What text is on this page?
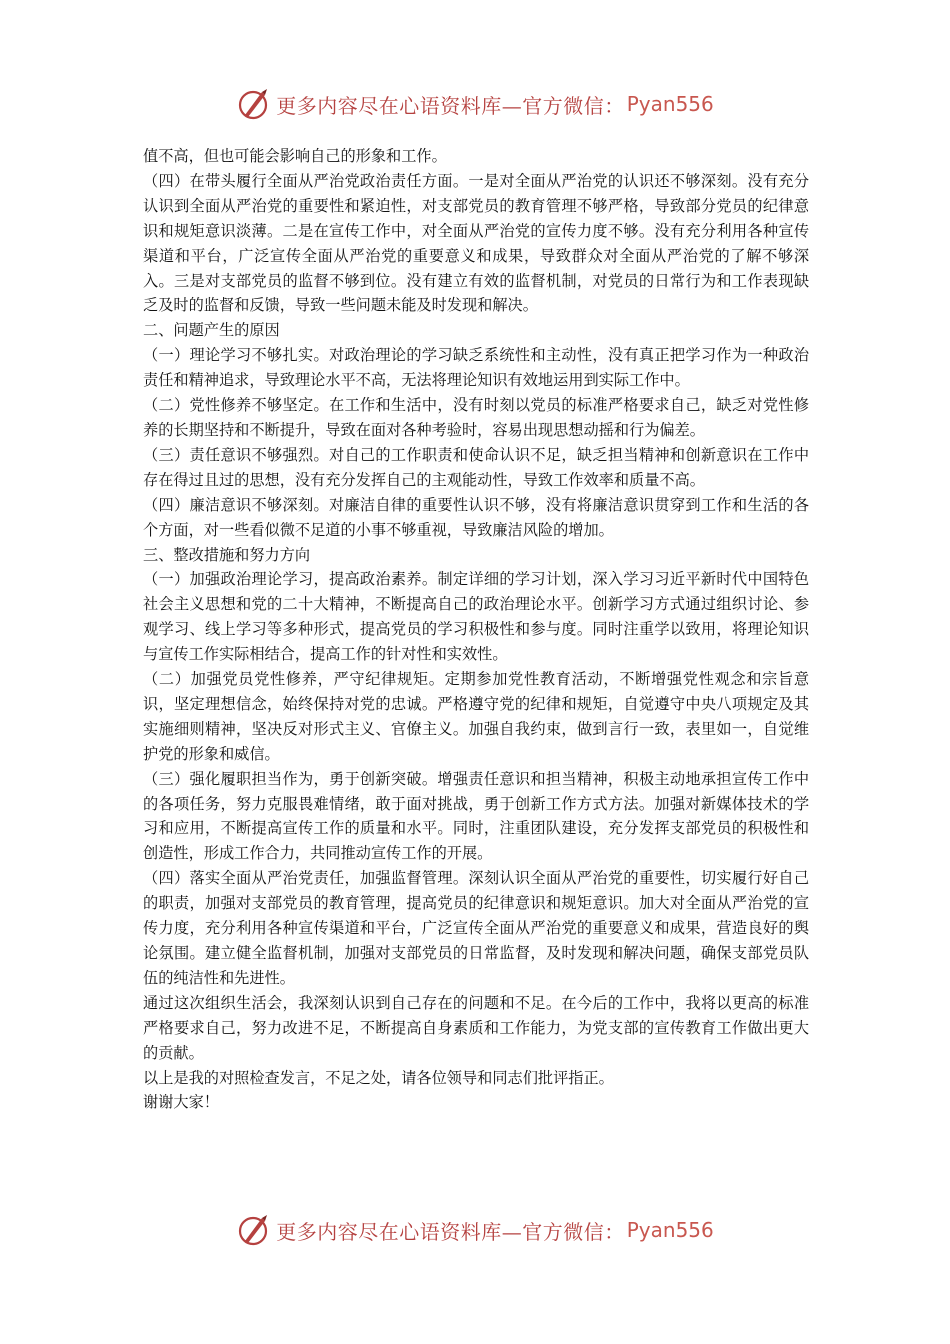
更多内容尽在心语资料库—官方微信： Pyan556

值不高，但也可能会影响自己的形象和工作。

（四）在带头履行全面从严治党政治责任方面。一是对全面从严治党的认识还不够深刻。没有充分认识到全面从严治党的重要性和紧迫性，对支部党员的教育管理不够严格，导致部分党员的纪律意识和规矩意识淡薄。二是在宣传工作中，对全面从严治党的宣传力度不够。没有充分利用各种宣传渠道和平台，广泛宣传全面从严治党的重要意义和成果，导致群众对全面从严治党的了解不够深入。三是对支部党员的监督不够到位。没有建立有效的监督机制，对党员的日常行为和工作表现缺乏及时的监督和反馈，导致一些问题未能及时发现和解决。

二、问题产生的原因

（一）理论学习不够扎实。对政治理论的学习缺乏系统性和主动性，没有真正把学习作为一种政治责任和精神追求，导致理论水平不高，无法将理论知识有效地运用到实际工作中。

（二）党性修养不够坚定。在工作和生活中，没有时刻以党员的标准严格要求自己，缺乏对党性修养的长期坚持和不断提升，导致在面对各种考验时，容易出现思想动摇和行为偏差。

（三）责任意识不够强烈。对自己的工作职责和使命认识不足，缺乏担当精神和创新意识在工作中存在得过且过的思想，没有充分发挥自己的主观能动性，导致工作效率和质量不高。

（四）廉洁意识不够深刻。对廉洁自律的重要性认识不够，没有将廉洁意识贯穿到工作和生活的各个方面，对一些看似微不足道的小事不够重视，导致廉洁风险的增加。

三、整改措施和努力方向

（一）加强政治理论学习，提高政治素养。制定详细的学习计划，深入学习习近平新时代中国特色社会主义思想和党的二十大精神，不断提高自己的政治理论水平。创新学习方式通过组织讨论、参观学习、线上学习等多种形式，提高党员的学习积极性和参与度。同时注重学以致用，将理论知识与宣传工作实际相结合，提高工作的针对性和实效性。

（二）加强党员党性修养，严守纪律规矩。定期参加党性教育活动，不断增强党性观念和宗旨意识，坚定理想信念，始终保持对党的忠诚。严格遵守党的纪律和规矩，自觉遵守中央八项规定及其实施细则精神，坚决反对形式主义、官僚主义。加强自我约束，做到言行一致，表里如一，自觉维护党的形象和威信。

（三）强化履职担当作为，勇于创新突破。增强责任意识和担当精神，积极主动地承担宣传工作中的各项任务，努力克服畏难情绪，敢于面对挑战，勇于创新工作方式方法。加强对新媒体技术的学习和应用，不断提高宣传工作的质量和水平。同时，注重团队建设，充分发挥支部党员的积极性和创造性，形成工作合力，共同推动宣传工作的开展。

（四）落实全面从严治党责任，加强监督管理。深刻认识全面从严治党的重要性，切实履行好自己的职责，加强对支部党员的教育管理，提高党员的纪律意识和规矩意识。加大对全面从严治党的宣传力度，充分利用各种宣传渠道和平台，广泛宣传全面从严治党的重要意义和成果，营造良好的舆论氛围。建立健全监督机制，加强对支部党员的日常监督，及时发现和解决问题，确保支部党员队伍的纯洁性和先进性。

通过这次组织生活会，我深刻认识到自己存在的问题和不足。在今后的工作中，我将以更高的标准严格要求自己，努力改进不足，不断提高自身素质和工作能力，为党支部的宣传教育工作做出更大的贡献。

以上是我的对照检查发言，不足之处，请各位领导和同志们批评指正。

谢谢大家！

更多内容尽在心语资料库—官方微信： Pyan556
